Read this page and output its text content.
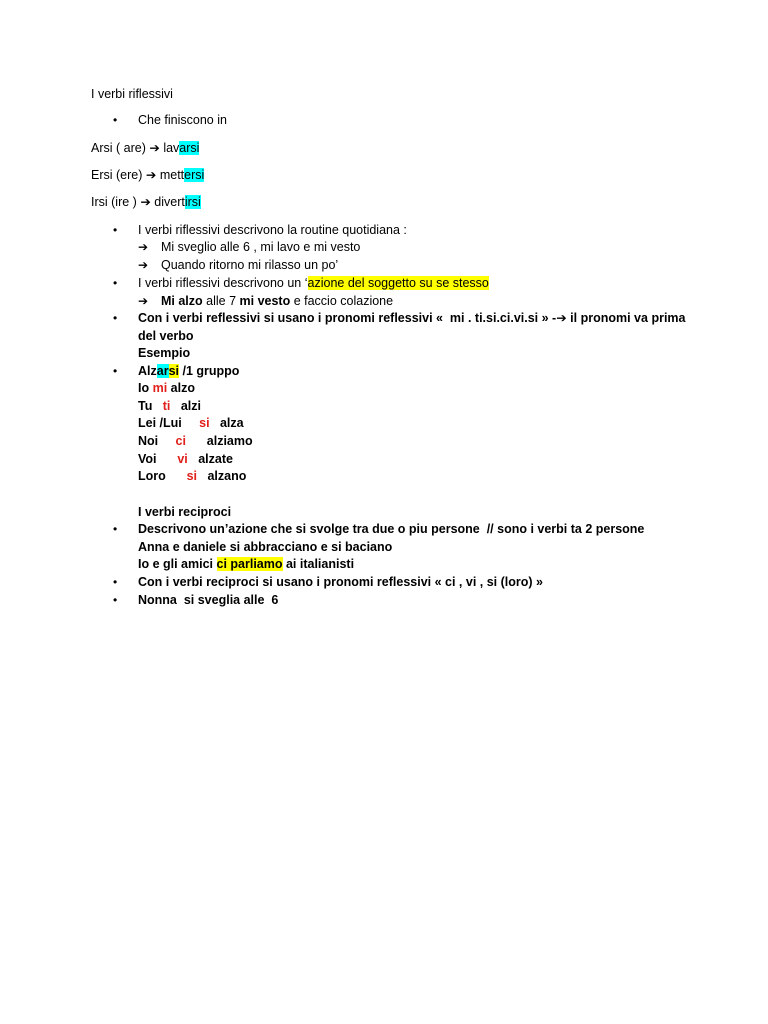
I verbi riflessivi
• Che finiscono in
Arsi ( are) ➔ lavarsi
Ersi (ere) ➔ mettersi
Irsi (ire ) ➔ divertirsi
• I verbi riflessivi descrivono la routine quotidiana :
➔ Mi sveglio alle 6 , mi lavo e mi vesto
➔ Quando ritorno mi rilasso un po’
• I verbi riflessivi descrivono un ‘azione del soggetto su se stesso
➔ Mi alzo alle 7 mi vesto e faccio colazione
• Con i verbi reflessivi si usano i pronomi reflessivi «  mi . ti.si.ci.vi.si » -➔ il pronomi va prima
del verbo
Esempio
• Alzarsi /1 gruppo
Io mi alzo
Tu   ti   alzi
Lei /Lui     si   alza
Noi     ci      alziamo
Voi      vi   alzate
Loro      si   alzano
I verbi reciproci
• Descrivono un’azione che si svolge tra due o piu persone  // sono i verbi ta 2 persone
Anna e daniele si abbracciano e si baciano
Io e gli amici ci parliamo ai italianisti
• Con i verbi reciproci si usano i pronomi reflessivi « ci , vi , si (loro) »
• Nonna  si sveglia alle  6
